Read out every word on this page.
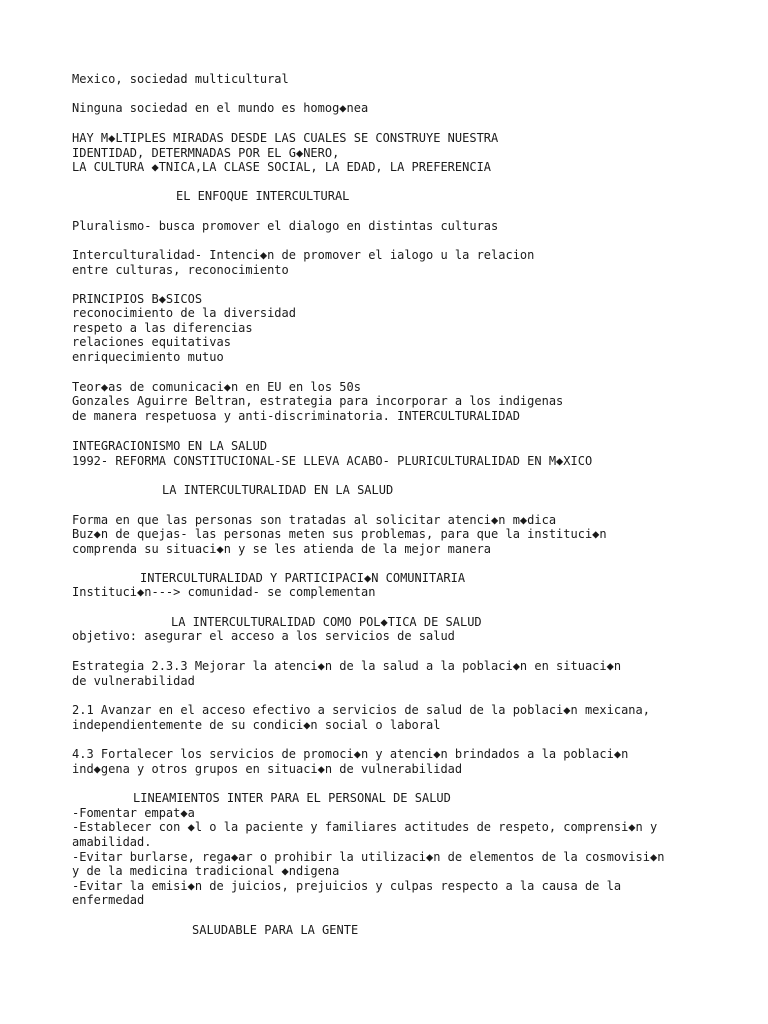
Mexico, sociedad multicultural

Ninguna sociedad en el mundo es homog◆nea

HAY M◆LTIPLES MIRADAS DESDE LAS CUALES SE CONSTRUYE NUESTRA

IDENTIDAD, DETERMNADAS POR EL G◆NERO,

LA CULTURA ◆TNICA,LA CLASE SOCIAL, LA EDAD, LA PREFERENCIA

EL ENFOQUE INTERCULTURAL

Pluralismo- busca promover el dialogo en distintas culturas

Interculturalidad- Intenci◆n de promover el ialogo u la relacion

entre culturas, reconocimiento

PRINCIPIOS B◆SICOS

reconocimiento de la diversidad

respeto a las diferencias

relaciones equitativas

enriquecimiento mutuo

Teor◆as de comunicaci◆n en EU en los 50s

Gonzales Aguirre Beltran, estrategia para incorporar a los indigenas

de manera respetuosa y anti-discriminatoria. INTERCULTURALIDAD

INTEGRACIONISMO EN LA SALUD

1992- REFORMA CONSTITUCIONAL-SE LLEVA ACABO- PLURICULTURALIDAD EN M◆XICO

LA INTERCULTURALIDAD EN LA SALUD

Forma en que las personas son tratadas al solicitar atenci◆n m◆dica

Buz◆n de quejas- las personas meten sus problemas, para que la instituci◆n

comprenda su situaci◆n y se les atienda de la mejor manera

INTERCULTURALIDAD Y PARTICIPACI◆N COMUNITARIA

Instituci◆n---> comunidad- se complementan

LA INTERCULTURALIDAD COMO POL◆TICA DE SALUD

objetivo: asegurar el acceso a los servicios de salud

Estrategia 2.3.3 Mejorar la atenci◆n de la salud a la poblaci◆n en situaci◆n

de vulnerabilidad

2.1 Avanzar en el acceso efectivo a servicios de salud de la poblaci◆n mexicana,

independientemente de su condici◆n social o laboral

4.3 Fortalecer los servicios de promoci◆n y atenci◆n brindados a la poblaci◆n

ind◆gena y otros grupos en situaci◆n de vulnerabilidad

LINEAMIENTOS INTER PARA EL PERSONAL DE SALUD

-Fomentar empat◆a

-Establecer con ◆l o la paciente y familiares actitudes de respeto, comprensi◆n y

amabilidad.

-Evitar burlarse, rega◆ar o prohibir la utilizaci◆n de elementos de la cosmovisi◆n

y de la medicina tradicional ◆ndigena

-Evitar la emisi◆n de juicios, prejuicios y culpas respecto a la causa de la

enfermedad

SALUDABLE PARA LA GENTE
